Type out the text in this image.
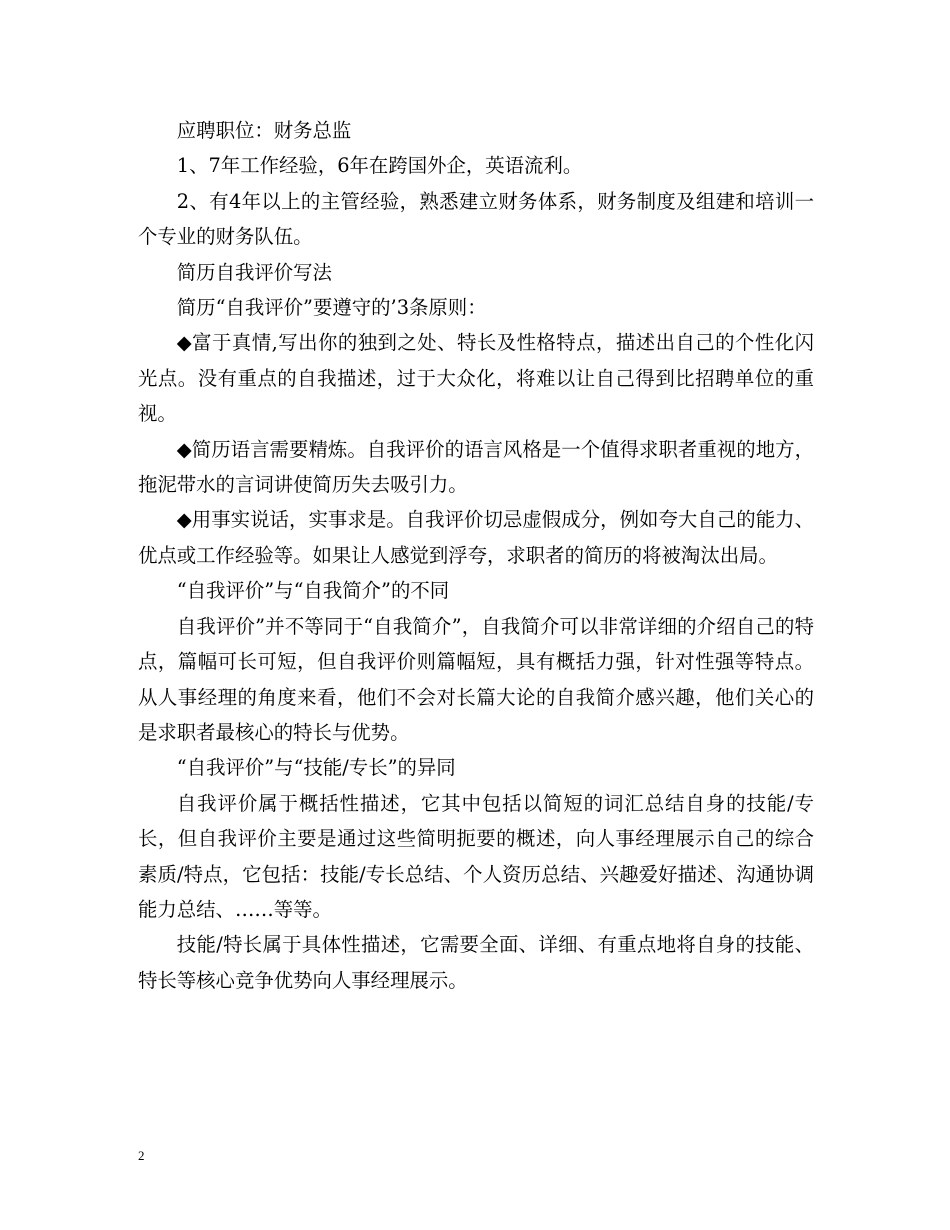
应聘职位：财务总监

1、7年工作经验，6年在跨国外企，英语流利。

2、有4年以上的主管经验，熟悉建立财务体系，财务制度及组建和培训一个专业的财务队伍。

简历自我评价写法

简历“自我评价”要遵守的’3条原则：

◆富于真情,写出你的独到之处、特长及性格特点，描述出自己的个性化闪光点。没有重点的自我描述，过于大众化，将难以让自己得到比招聘单位的重视。

◆简历语言需要精炼。自我评价的语言风格是一个值得求职者重视的地方，拖泥带水的言词讲使简历失去吸引力。

◆用事实说话，实事求是。自我评价切忌虚假成分，例如夸大自己的能力、优点或工作经验等。如果让人感觉到浮夸，求职者的简历的将被淘汰出局。

“自我评价”与“自我简介”的不同

自我评价”并不等同于“自我简介”，自我简介可以非常详细的介绍自己的特点，篇幅可长可短，但自我评价则篇幅短，具有概括力强，针对性强等特点。从人事经理的角度来看，他们不会对长篇大论的自我简介感兴趣，他们关心的是求职者最核心的特长与优势。

“自我评价”与“技能/专长”的异同

自我评价属于概括性描述，它其中包括以简短的词汇总结自身的技能/专长，但自我评价主要是通过这些简明扼要的概述，向人事经理展示自己的综合素质/特点，它包括：技能/专长总结、个人资历总结、兴趣爱好描述、沟通协调能力总结、……等等。

技能/特长属于具体性描述，它需要全面、详细、有重点地将自身的技能、特长等核心竞争优势向人事经理展示。

2
